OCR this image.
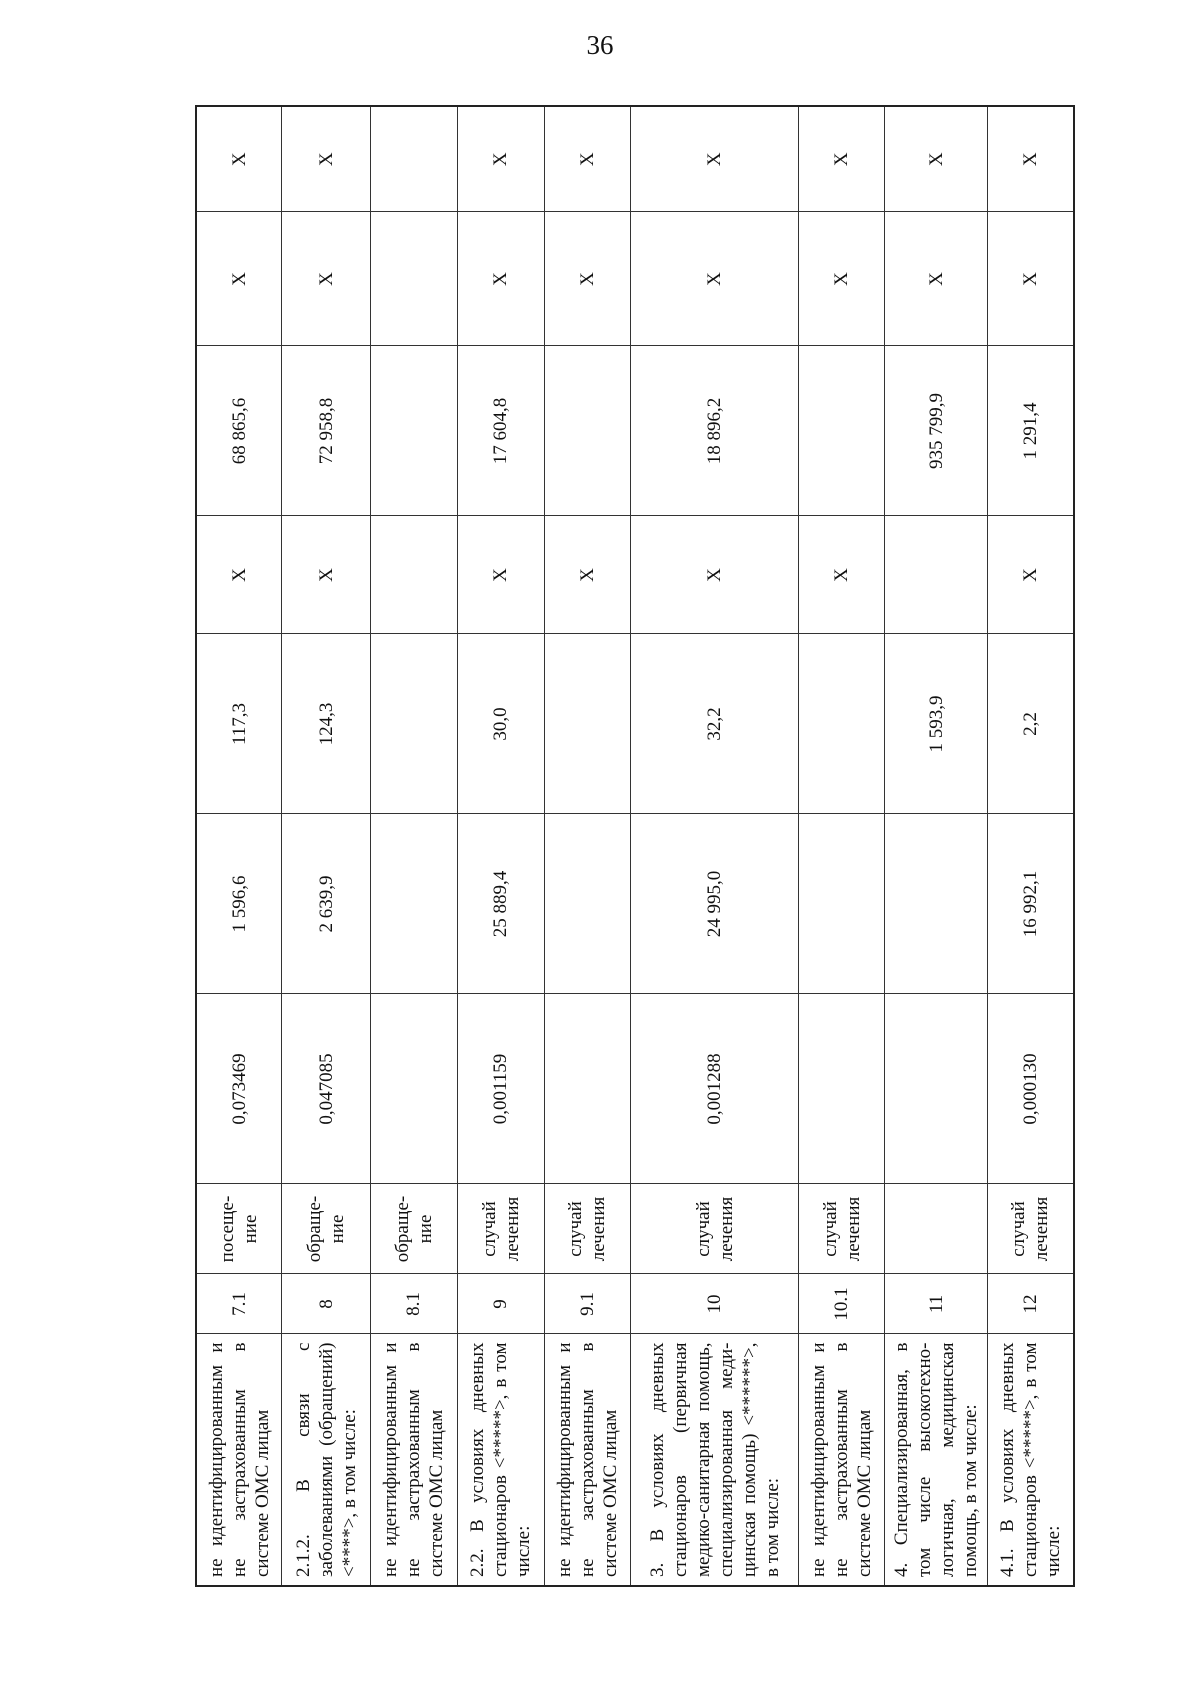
36
не идентифицированным и не застрахованным в системе ОМС лицам	7.1	посеще-ние	0,073469	1 596,6	117,3	X	68 865,6	X	X
2.1.2. В связи с заболеваниями (обращений) <****>, в том числе:	8	обраще-ние	0,047085	2 639,9	124,3	X	72 958,8	X	X
не идентифицированным и не застрахованным в системе ОМС лицам	8.1	обраще-ние							
2.2. В условиях дневных стационаров <*****>, в том числе:	9	случай лечения	0,001159	25 889,4	30,0	X	17 604,8	X	X
не идентифицированным и не застрахованным в системе ОМС лицам	9.1	случай лечения				X		X	X
3. В условиях дневных стационаров (первичная медико-санитарная помощь, специализированная меди-цинская помощь) <******>, в том числе:	10	случай лечения	0,001288	24 995,0	32,2	X	18 896,2	X	X
не идентифицированным и не застрахованным в системе ОМС лицам	10.1	случай лечения				X		X	X
4. Специализированная, в том числе высокотехно-логичная, медицинская помощь, в том числе:	11				1 593,9		935 799,9	X	X
4.1. В условиях дневных стационаров <*****>, в том числе:	12	случай лечения	0,000130	16 992,1	2,2	X	1 291,4	X	X
